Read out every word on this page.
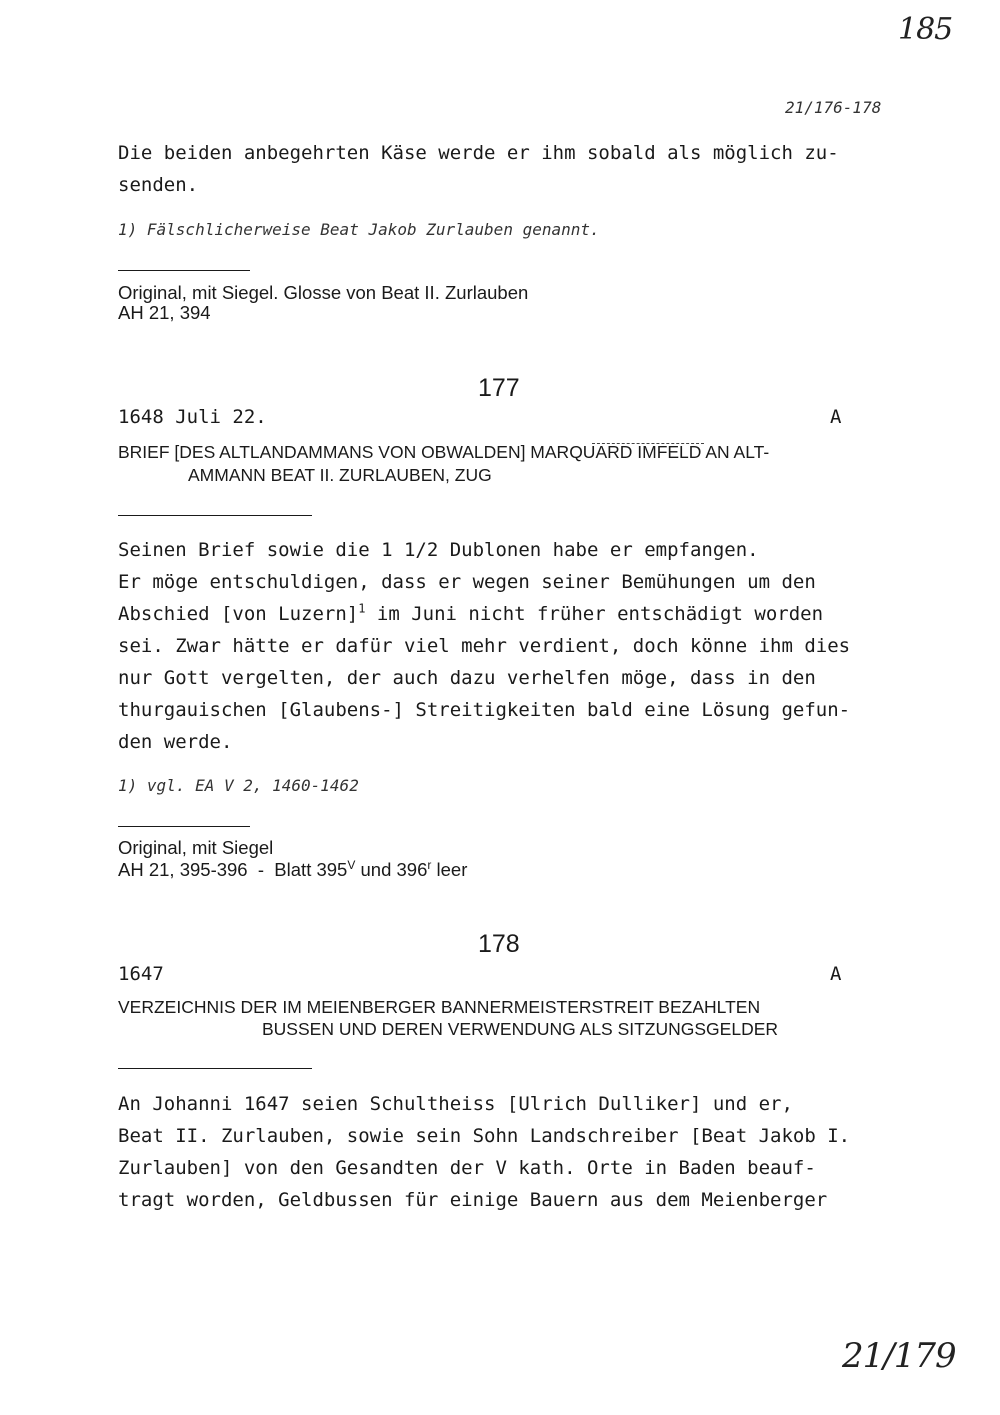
185
21/176-178
Die beiden anbegehrten Käse werde er ihm sobald als möglich zu-
senden.
1) Fälschlicherweise Beat Jakob Zurlauben genannt.
Original, mit Siegel. Glosse von Beat II. Zurlauben
AH 21, 394
177
1648 Juli 22.	A
BRIEF [DES ALTLANDAMMANS VON OBWALDEN] MARQUARD IMFELD AN ALT-
AMMANN BEAT II. ZURLAUBEN, ZUG
Seinen Brief sowie die 1 1/2 Dublonen habe er empfangen.
Er möge entschuldigen, dass er wegen seiner Bemühungen um den
Abschied [von Luzern]$^1$ im Juni nicht früher entschädigt worden
sei. Zwar hätte er dafür viel mehr verdient, doch könne ihm dies
nur Gott vergelten, der auch dazu verhelfen möge, dass in den
thurgauischen [Glaubens-] Streitigkeiten bald eine Lösung gefun-
den werde.
1) vgl. EA V 2, 1460-1462
Original, mit Siegel
AH 21, 395-396  -  Blatt $395^V$ und 396$^r$ leer
178
1647	A
VERZEICHNIS DER IM MEIENBERGER BANNERMEISTERSTREIT BEZAHLTEN
BUSSEN UND DEREN VERWENDUNG ALS SITZUNGSGELDER
An Johanni 1647 seien Schultheiss [Ulrich Dulliker] und er,
Beat II. Zurlauben, sowie sein Sohn Landschreiber [Beat Jakob I.
Zurlauben] von den Gesandten der V kath. Orte in Baden beauf-
tragt worden, Geldbussen für einige Bauern aus dem Meienberger
21/179
